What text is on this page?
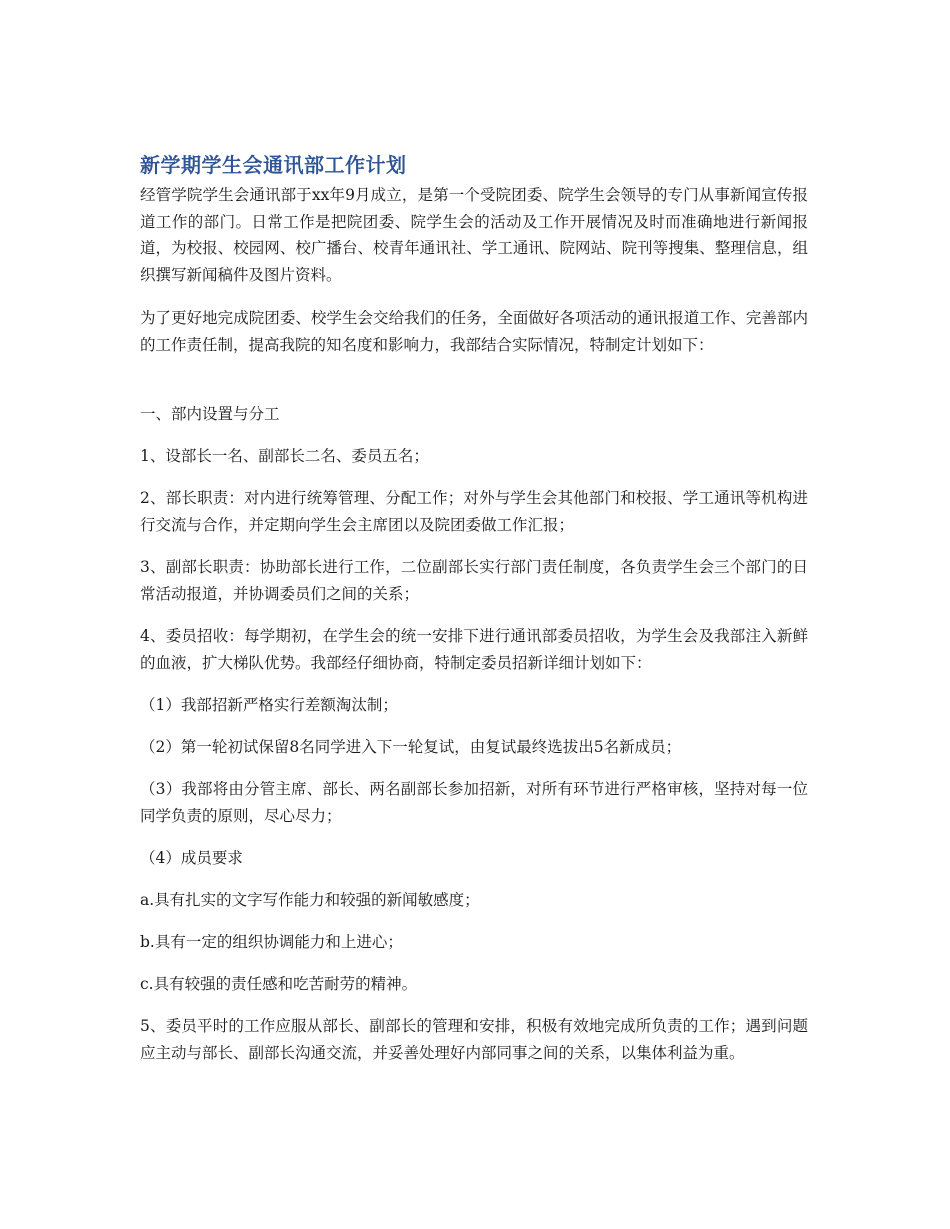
新学期学生会通讯部工作计划

经管学院学生会通讯部于xx年9月成立，是第一个受院团委、院学生会领导的专门从事新闻宣传报道工作的部门。日常工作是把院团委、院学生会的活动及工作开展情况及时而准确地进行新闻报道，为校报、校园网、校广播台、校青年通讯社、学工通讯、院网站、院刊等搜集、整理信息，组织撰写新闻稿件及图片资料。

为了更好地完成院团委、校学生会交给我们的任务，全面做好各项活动的通讯报道工作、完善部内的工作责任制，提高我院的知名度和影响力，我部结合实际情况，特制定计划如下：

一、部内设置与分工

1、设部长一名、副部长二名、委员五名；

2、部长职责：对内进行统筹管理、分配工作；对外与学生会其他部门和校报、学工通讯等机构进行交流与合作，并定期向学生会主席团以及院团委做工作汇报；

3、副部长职责：协助部长进行工作，二位副部长实行部门责任制度，各负责学生会三个部门的日常活动报道，并协调委员们之间的关系；

4、委员招收：每学期初，在学生会的统一安排下进行通讯部委员招收，为学生会及我部注入新鲜的血液，扩大梯队优势。我部经仔细协商，特制定委员招新详细计划如下：

（1）我部招新严格实行差额淘汰制；

（2）第一轮初试保留8名同学进入下一轮复试，由复试最终选拔出5名新成员；

（3）我部将由分管主席、部长、两名副部长参加招新，对所有环节进行严格审核，坚持对每一位同学负责的原则，尽心尽力；

（4）成员要求

a.具有扎实的文字写作能力和较强的新闻敏感度；

b.具有一定的组织协调能力和上进心；

c.具有较强的责任感和吃苦耐劳的精神。

5、委员平时的工作应服从部长、副部长的管理和安排，积极有效地完成所负责的工作；遇到问题应主动与部长、副部长沟通交流，并妥善处理好内部同事之间的关系，以集体利益为重。
